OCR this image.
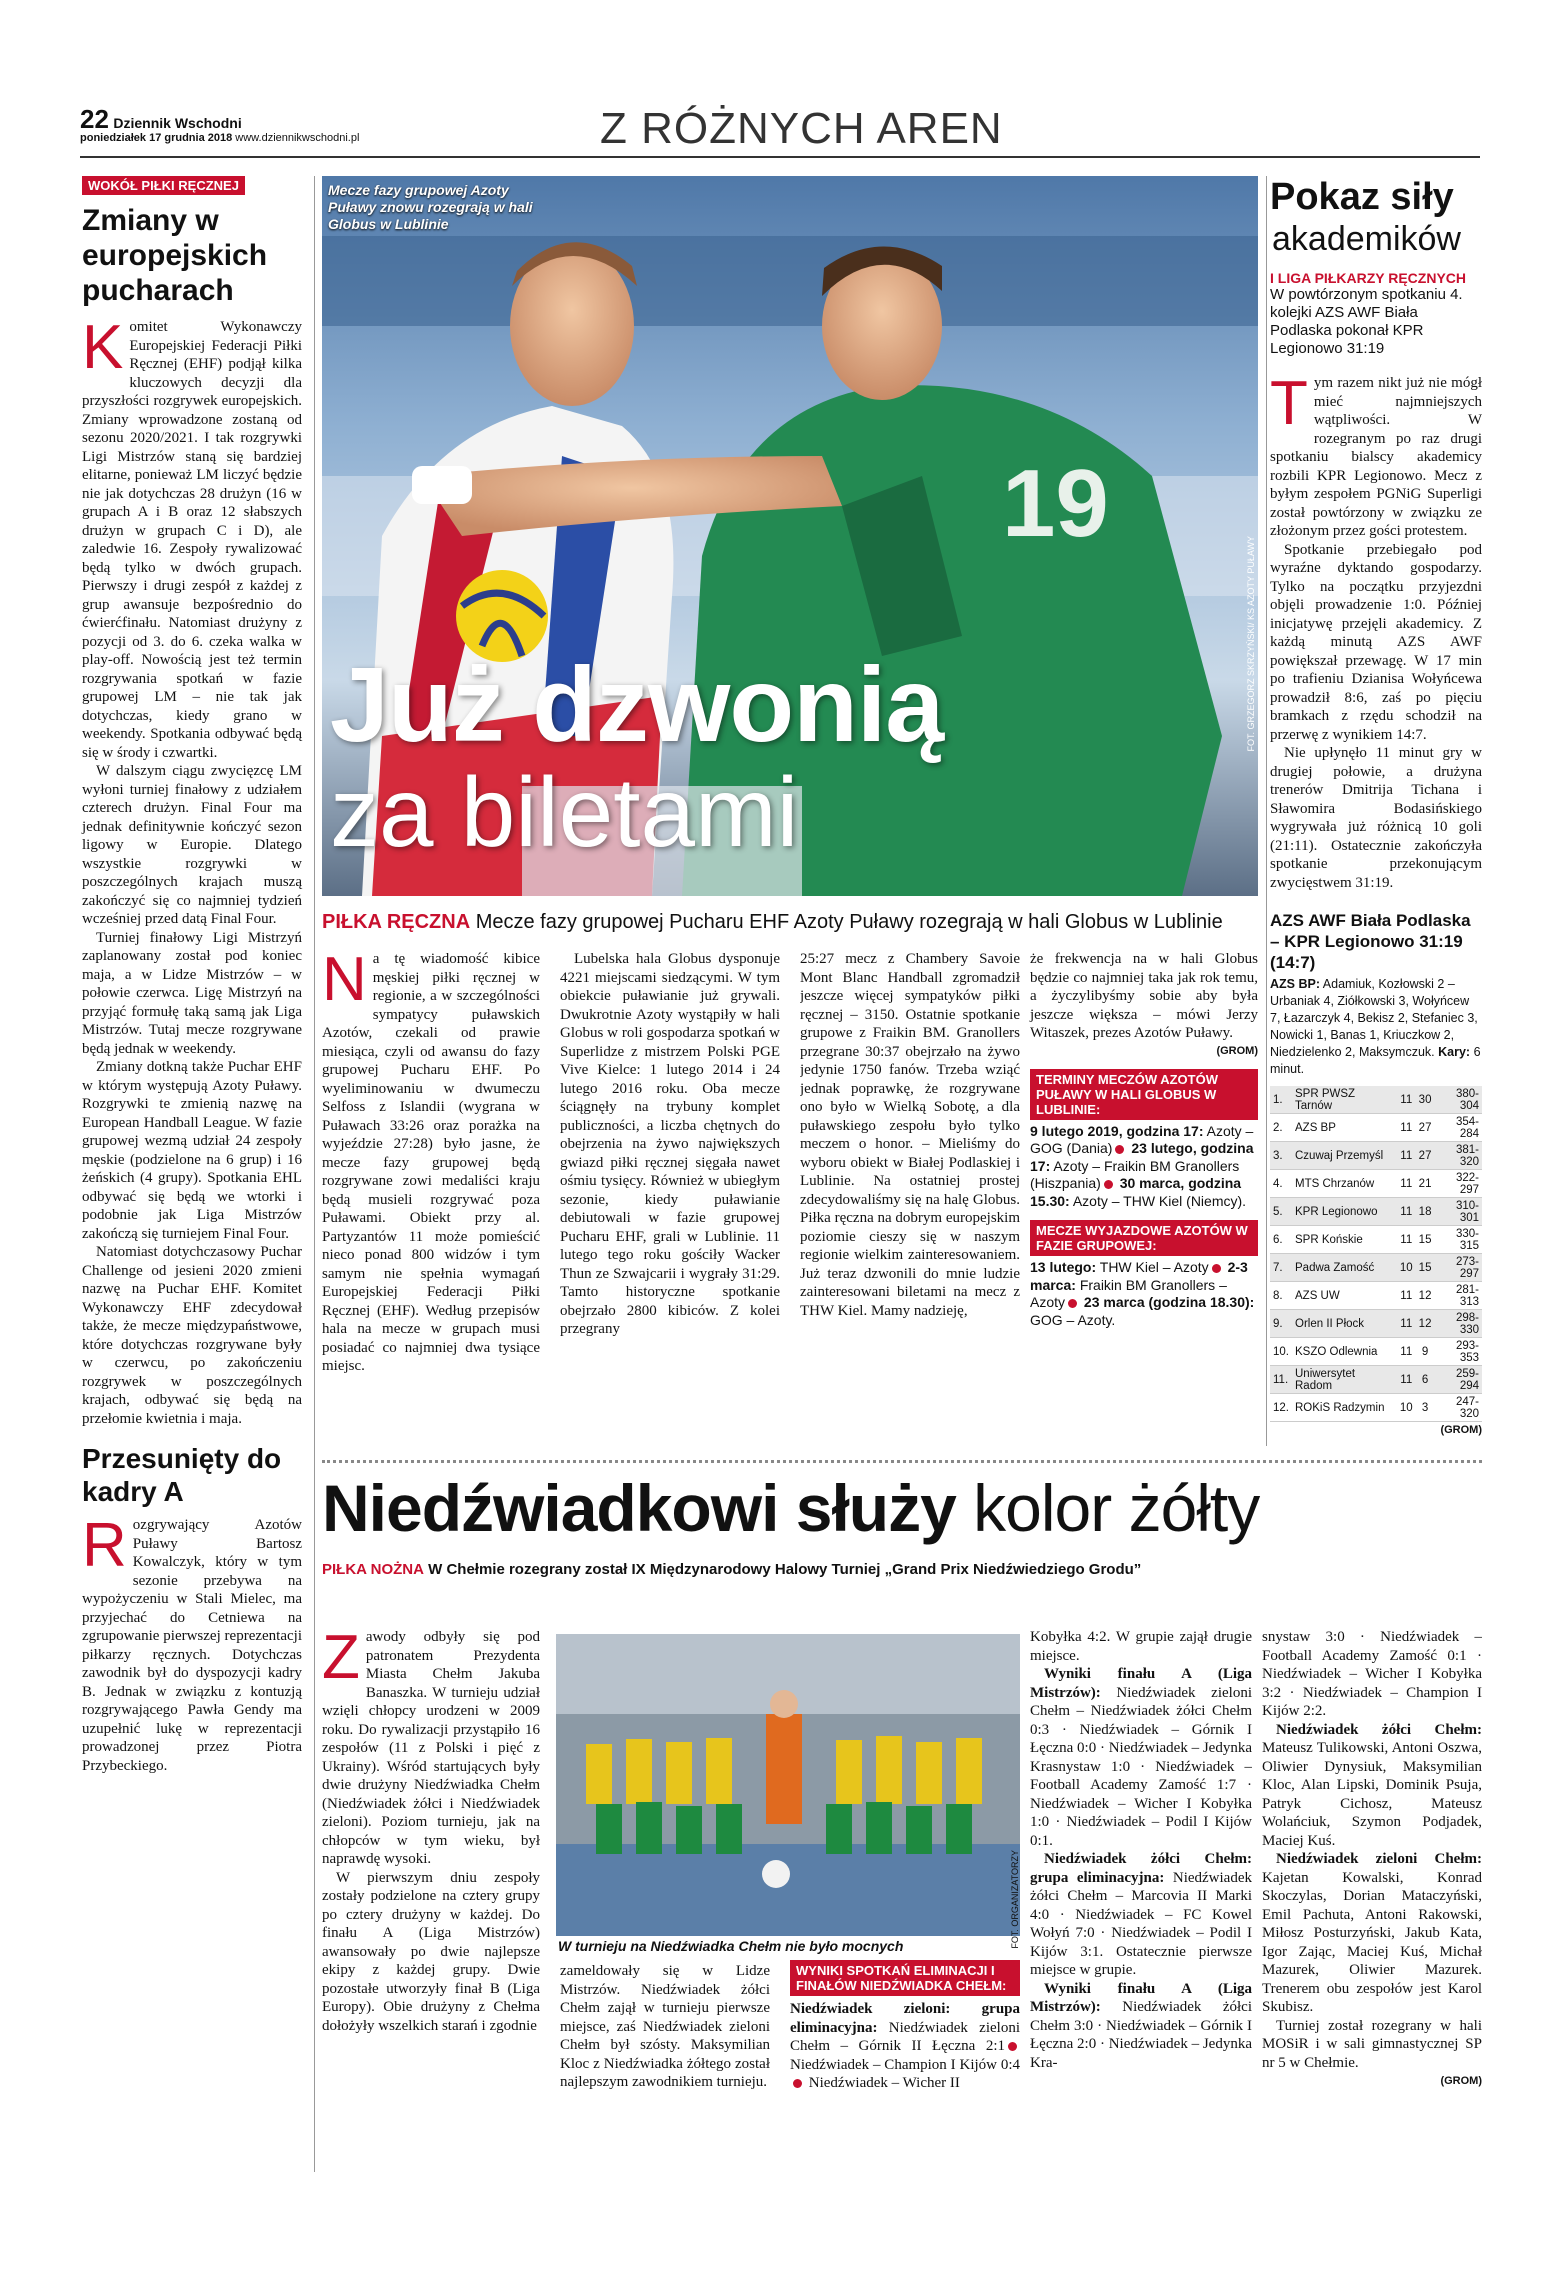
22 Dziennik Wschodni
poniedziałek 17 grudnia 2018 www.dziennikwschodni.pl	Z RÓŻNYCH AREN
WOKÓŁ PIŁKI RĘCZNEJ
Zmiany w europejskich pucharach
K omitet Wykonawczy Europejskiej Federacji Piłki Ręcznej (EHF) podjął kilka kluczowych decyzji dla przyszłości rozgrywek europejskich. Zmiany wprowadzone zostaną od sezonu 2020/2021. I tak rozgrywki Ligi Mistrzów staną się bardziej elitarne, ponieważ LM liczyć będzie nie jak dotychczas 28 drużyn (16 w grupach A i B oraz 12 słabszych drużyn w grupach C i D), ale zaledwie 16. Zespoły rywalizować będą tylko w dwóch grupach. Pierwszy i drugi zespół z każdej z grup awansuje bezpośrednio do ćwierćfinału. Natomiast drużyny z pozycji od 3. do 6. czeka walka w play-off. Nowością jest też termin rozgrywania spotkań w fazie grupowej LM – nie tak jak dotychczas, kiedy grano w weekendy. Spotkania odbywać będą się w środy i czwartki.

W dalszym ciągu zwycięzcę LM wyłoni turniej finałowy z udziałem czterech drużyn. Final Four ma jednak definitywnie kończyć sezon ligowy w Europie. Dlatego wszystkie rozgrywki w poszczególnych krajach muszą zakończyć się co najmniej tydzień wcześniej przed datą Final Four.

Turniej finałowy Ligi Mistrzyń zaplanowany został pod koniec maja, a w Lidze Mistrzów – w połowie czerwca. Ligę Mistrzyń na przyjąć formułę taką samą jak Liga Mistrzów. Tutaj mecze rozgrywane będą jednak w weekendy.

Zmiany dotkną także Puchar EHF w którym występują Azoty Puławy. Rozgrywki te zmienią nazwę na European Handball League. W fazie grupowej wezmą udział 24 zespoły męskie (podzielone na 6 grup) i 16 żeńskich (4 grupy). Spotkania EHL odbywać się będą we wtorki i podobnie jak Liga Mistrzów zakończą się turniejem Final Four.

Natomiast dotychczasowy Puchar Challenge od jesieni 2020 zmieni nazwę na Puchar EHF. Komitet Wykonawczy EHF zdecydował także, że mecze międzypaństwowe, które dotychczas rozgrywane były w czerwcu, po zakończeniu rozgrywek w poszczególnych krajach, odbywać się będą na przełomie kwietnia i maja.

Przesunięty do kadry A
R ozgrywający Azotów Puławy Bartosz Kowalczyk, który w tym sezonie przebywa na wypożyczeniu w Stali Mielec, ma przyjechać do Cetniewa na zgrupowanie pierwszej reprezentacji piłkarzy ręcznych. Dotychczas zawodnik był do dyspozycji kadry B. Jednak w związku z kontuzją rozgrywającego Pawła Gendy ma uzupełnić lukę w reprezentacji prowadzonej przez Piotra Przybeckiego.

19
Mecze fazy grupowej Azoty Puławy znowu rozegrają w hali Globus w Lublinie
FOT. GRZEGORZ SKRZYŃSKI/ KS AZOTY PUŁAWY
Już dzwonią
za biletami
PIŁKA RĘCZNA Mecze fazy grupowej Pucharu EHF Azoty Puławy rozegrają w hali Globus w Lublinie
N a tę wiadomość kibice męskiej piłki ręcznej w regionie, a w szczególności sympatycy puławskich Azotów, czekali od prawie miesiąca, czyli od awansu do fazy grupowej Pucharu EHF. Po wyeliminowaniu w dwumeczu Selfoss z Islandii (wygrana w Puławach 33:26 oraz porażka na wyjeździe 27:28) było jasne, że mecze fazy grupowej będą rozgrywane zowi medaliści kraju będą musieli rozgrywać poza Puławami. Obiekt przy al. Partyzantów 11 może pomieścić nieco ponad 800 widzów i tym samym nie spełnia wymagań Europejskiej Federacji Piłki Ręcznej (EHF). Według przepisów hala na mecze w grupach musi posiadać co najmniej dwa tysiące miejsc.

Lubelska hala Globus dysponuje 4221 miejscami siedzącymi. W tym obiekcie puławianie już grywali. Dwukrotnie Azoty wystąpiły w hali Globus w roli gospodarza spotkań w Superlidze z mistrzem Polski PGE Vive Kielce: 1 lutego 2014 i 24 lutego 2016 roku. Oba mecze ściągnęły na trybuny komplet publiczności, a liczba chętnych do obejrzenia na żywo największych gwiazd piłki ręcznej sięgała nawet ośmiu tysięcy. Również w ubiegłym sezonie, kiedy puławianie debiutowali w fazie grupowej Pucharu EHF, grali w Lublinie. 11 lutego tego roku gościły Wacker Thun ze Szwajcarii i wygrały 31:29. Tamto historyczne spotkanie obejrzało 2800 kibiców. Z kolei przegrany

25:27 mecz z Chambery Savoie Mont Blanc Handball zgromadził jeszcze więcej sympatyków piłki ręcznej – 3150. Ostatnie spotkanie grupowe z Fraikin BM. Granollers przegrane 30:37 obejrzało na żywo jedynie 1750 fanów. Trzeba wziąć jednak poprawkę, że rozgrywane ono było w Wielką Sobotę, a dla puławskiego zespołu było tylko meczem o honor. – Mieliśmy do wyboru obiekt w Białej Podlaskiej i Lublinie. Na ostatniej prostej zdecydowaliśmy się na halę Globus. Piłka ręczna na dobrym europejskim poziomie cieszy się w naszym regionie wielkim zainteresowaniem. Już teraz dzwonili do mnie ludzie zainteresowani biletami na mecz z THW Kiel. Mamy nadzieję,

że frekwencja na w hali Globus będzie co najmniej taka jak rok temu, a życzylibyśmy sobie aby była jeszcze większa – mówi Jerzy Witaszek, prezes Azotów Puławy.

(GROM)
TERMINY MECZÓW AZOTÓW PUŁAWY W HALI GLOBUS W LUBLINIE:
9 lutego 2019, godzina 17: Azoty – GOG (Dania) 23 lutego, godzina 17: Azoty – Fraikin BM Granollers (Hiszpania) 30 marca, godzina 15.30: Azoty – THW Kiel (Niemcy).
MECZE WYJAZDOWE AZOTÓW W FAZIE GRUPOWEJ:
13 lutego: THW Kiel – Azoty 2-3 marca: Fraikin BM Granollers – Azoty 23 marca (godzina 18.30): GOG – Azoty.
Pokaz siły
akademików
I LIGA PIŁKARZY RĘCZNYCH
W powtórzonym spotkaniu 4. kolejki AZS AWF Biała Podlaska pokonał KPR Legionowo 31:19
T ym razem nikt już nie mógł mieć najmniejszych wątpliwości. W rozegranym po raz drugi spotkaniu bialscy akademicy rozbili KPR Legionowo. Mecz z byłym zespołem PGNiG Superligi został powtórzony w związku ze złożonym przez gości protestem.

Spotkanie przebiegało pod wyraźne dyktando gospodarzy. Tylko na początku przyjezdni objęli prowadzenie 1:0. Później inicjatywę przejęli akademicy. Z każdą minutą AZS AWF powiększał przewagę. W 17 min po trafieniu Dzianisa Wołyńcewa prowadził 8:6, zaś po pięciu bramkach z rzędu schodził na przerwę z wynikiem 14:7.

Nie upłynęło 11 minut gry w drugiej połowie, a drużyna trenerów Dmitrija Tichana i Sławomira Bodasińskiego wygrywała już różnicą 10 goli (21:11). Ostatecznie zakończyła spotkanie przekonującym zwycięstwem 31:19.

AZS AWF Biała Podlaska – KPR Legionowo 31:19 (14:7)
AZS BP: Adamiuk, Kozłowski 2 – Urbaniak 4, Ziółkowski 3, Wołyńcew 7, Łazarczyk 4, Bekisz 2, Stefaniec 3, Nowicki 1, Banas 1, Kriuczkow 2, Niedzielenko 2, Maksymczuk. Kary: 6 minut.
1.	SPR PWSZ Tarnów	11	30	380-304
2.	AZS BP	11	27	354-284
3.	Czuwaj Przemyśl	11	27	381-320
4.	MTS Chrzanów	11	21	322-297
5.	KPR Legionowo	11	18	310-301
6.	SPR Końskie	11	15	330-315
7.	Padwa Zamość	10	15	273-297
8.	AZS UW	11	12	281-313
9.	Orlen II Płock	11	12	298-330
10.	KSZO Odlewnia	11	9	293-353
11.	Uniwersytet Radom	11	6	259-294
12.	ROKiS Radzymin	10	3	247-320
(GROM)
Niedźwiadkowi służy kolor żółty
PIŁKA NOŻNA W Chełmie rozegrany został IX Międzynarodowy Halowy Turniej „Grand Prix Niedźwiedziego Grodu”
Z awody odbyły się pod patronatem Prezydenta Miasta Chełm Jakuba Banaszka. W turnieju udział wzięli chłopcy urodzeni w 2009 roku. Do rywalizacji przystąpiło 16 zespołów (11 z Polski i pięć z Ukrainy). Wśród startujących były dwie drużyny Niedźwiadka Chełm (Niedźwiadek żółci i Niedźwiadek zieloni). Poziom turnieju, jak na chłopców w tym wieku, był naprawdę wysoki.

W pierwszym dniu zespoły zostały podzielone na cztery grupy po cztery drużyny w każdej. Do finału A (Liga Mistrzów) awansowały po dwie najlepsze ekipy z każdej grupy. Dwie pozostałe utworzyły finał B (Liga Europy). Obie drużyny z Chełma dołożyły wszelkich starań i zgodnie

W turnieju na Niedźwiadka Chełm nie było mocnych	FOT. ORGANIZATORZY

zameldowały się w Lidze Mistrzów. Niedźwiadek żółci Chełm zajął w turnieju pierwsze miejsce, zaś Niedźwiadek zieloni Chełm był szósty. Maksymilian Kloc z Niedźwiadka żółtego został najlepszym zawodnikiem turnieju.

WYNIKI SPOTKAŃ ELIMINACJI I FINAŁÓW NIEDŹWIADKA CHEŁM:
Niedźwiadek zieloni: grupa eliminacyjna: Niedźwiadek zieloni Chełm – Górnik II Łęczna 2:1 Niedźwiadek – Champion I Kijów 0:4 Niedźwiadek – Wicher II

Kobyłka 4:2. W grupie zajął drugie miejsce.

Wyniki finału A (Liga Mistrzów): Niedźwiadek zieloni Chełm – Niedźwiadek żółci Chełm 0:3 · Niedźwiadek – Górnik I Łęczna 0:0 · Niedźwiadek – Jedynka Krasnystaw 1:0 · Niedźwiadek – Football Academy Zamość 1:7 · Niedźwiadek – Wicher I Kobyłka 1:0 · Niedźwiadek – Podil I Kijów 0:1.

Niedźwiadek żółci Chełm: grupa eliminacyjna: Niedźwiadek żółci Chełm – Marcovia II Marki 4:0 · Niedźwiadek – FC Kowel Wołyń 7:0 · Niedźwiadek – Podil I Kijów 3:1. Ostatecznie pierwsze miejsce w grupie.

Wyniki finału A (Liga Mistrzów): Niedźwiadek żółci Chełm 3:0 · Niedźwiadek – Górnik I Łęczna 2:0 · Niedźwiadek – Jedynka Kra-

snystaw 3:0 · Niedźwiadek – Football Academy Zamość 0:1 · Niedźwiadek – Wicher I Kobyłka 3:2 · Niedźwiadek – Champion I Kijów 2:2.

Niedźwiadek żółci Chełm: Mateusz Tulikowski, Antoni Oszwa, Oliwier Dynysiuk, Maksymilian Kloc, Alan Lipski, Dominik Psuja, Patryk Cichosz, Mateusz Wolańciuk, Szymon Podjadek, Maciej Kuś.

Niedźwiadek zieloni Chełm: Kajetan Kowalski, Konrad Skoczylas, Dorian Mataczyński, Emil Pachuta, Antoni Rakowski, Miłosz Posturzyński, Jakub Kata, Igor Zając, Maciej Kuś, Michał Mazurek, Oliwier Mazurek. Trenerem obu zespołów jest Karol Skubisz.

Turniej został rozegrany w hali MOSiR i w sali gimnastycznej SP nr 5 w Chełmie.

(GROM)
